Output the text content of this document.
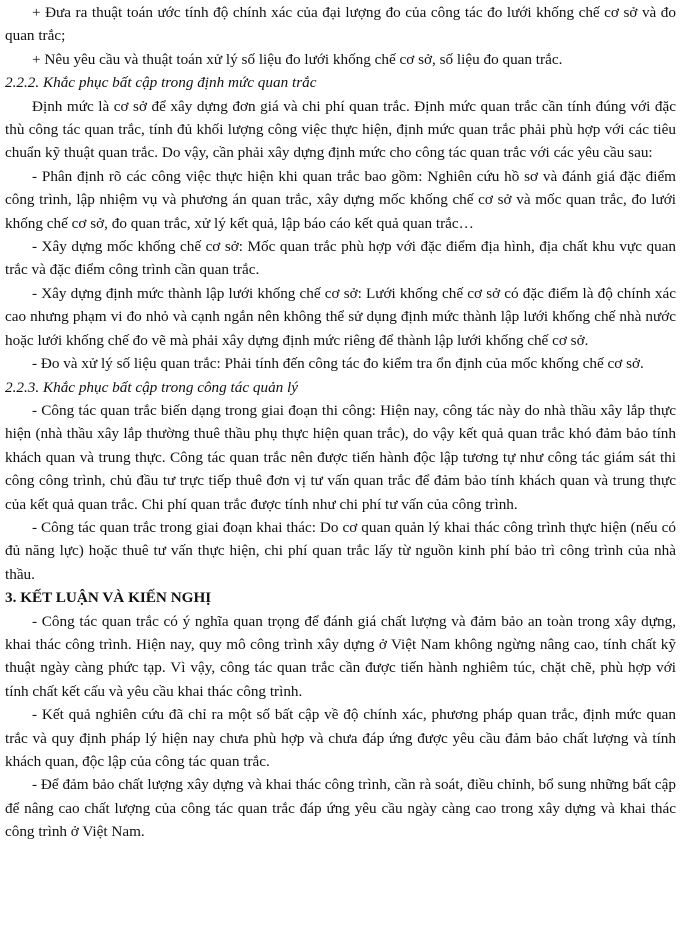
+ Đưa ra thuật toán ước tính độ chính xác của đại lượng đo của công tác đo lưới khống chế cơ sở và đo quan trắc;

+ Nêu yêu cầu và thuật toán xử lý số liệu đo lưới khống chế cơ sở, số liệu đo quan trắc.

2.2.2. Khắc phục bất cập trong định mức quan trắc

Định mức là cơ sở để xây dựng đơn giá và chi phí quan trắc. Định mức quan trắc cần tính đúng với đặc thù công tác quan trắc, tính đủ khối lượng công việc thực hiện, định mức quan trắc phải phù hợp với các tiêu chuẩn kỹ thuật quan trắc. Do vậy, cần phải xây dựng định mức cho công tác quan trắc với các yêu cầu sau:

- Phân định rõ các công việc thực hiện khi quan trắc bao gồm: Nghiên cứu hồ sơ và đánh giá đặc điểm công trình, lập nhiệm vụ và phương án quan trắc, xây dựng mốc khống chế cơ sở và mốc quan trắc, đo lưới khống chế cơ sở, đo quan trắc, xử lý kết quả, lập báo cáo kết quả quan trắc…

- Xây dựng mốc khống chế cơ sở: Mốc quan trắc phù hợp với đặc điểm địa hình, địa chất khu vực quan trắc và đặc điểm công trình cần quan trắc.

- Xây dựng định mức thành lập lưới khống chế cơ sở: Lưới khống chế cơ sở có đặc điểm là độ chính xác cao nhưng phạm vi đo nhỏ và cạnh ngắn nên không thể sử dụng định mức thành lập lưới khống chế nhà nước hoặc lưới khống chế đo vẽ mà phải xây dựng định mức riêng để thành lập lưới khống chế cơ sở.

- Đo và xử lý số liệu quan trắc: Phải tính đến công tác đo kiểm tra ổn định của mốc khống chế cơ sở.

2.2.3. Khắc phục bất cập trong công tác quản lý

- Công tác quan trắc biến dạng trong giai đoạn thi công: Hiện nay, công tác này do nhà thầu xây lắp thực hiện (nhà thầu xây lắp thường thuê thầu phụ thực hiện quan trắc), do vậy kết quả quan trắc khó đảm bảo tính khách quan và trung thực. Công tác quan trắc nên được tiến hành độc lập tương tự như công tác giám sát thi công công trình, chủ đầu tư trực tiếp thuê đơn vị tư vấn quan trắc để đảm bảo tính khách quan và trung thực của kết quả quan trắc. Chi phí quan trắc được tính như chi phí tư vấn của công trình.

- Công tác quan trắc trong giai đoạn khai thác: Do cơ quan quản lý khai thác công trình thực hiện (nếu có đủ năng lực) hoặc thuê tư vấn thực hiện, chi phí quan trắc lấy từ nguồn kinh phí bảo trì công trình của nhà thầu.

3. KẾT LUẬN VÀ KIẾN NGHỊ

- Công tác quan trắc có ý nghĩa quan trọng để đánh giá chất lượng và đảm bảo an toàn trong xây dựng, khai thác công trình. Hiện nay, quy mô công trình xây dựng ở Việt Nam không ngừng nâng cao, tính chất kỹ thuật ngày càng phức tạp. Vì vậy, công tác quan trắc cần được tiến hành nghiêm túc, chặt chẽ, phù hợp với tính chất kết cấu và yêu cầu khai thác công trình.

- Kết quả nghiên cứu đã chỉ ra một số bất cập về độ chính xác, phương pháp quan trắc, định mức quan trắc và quy định pháp lý hiện nay chưa phù hợp và chưa đáp ứng được yêu cầu đảm bảo chất lượng và tính khách quan, độc lập của công tác quan trắc.

- Để đảm bảo chất lượng xây dựng và khai thác công trình, cần rà soát, điều chỉnh, bổ sung những bất cập để nâng cao chất lượng của công tác quan trắc đáp ứng yêu cầu ngày càng cao trong xây dựng và khai thác công trình ở Việt Nam.
